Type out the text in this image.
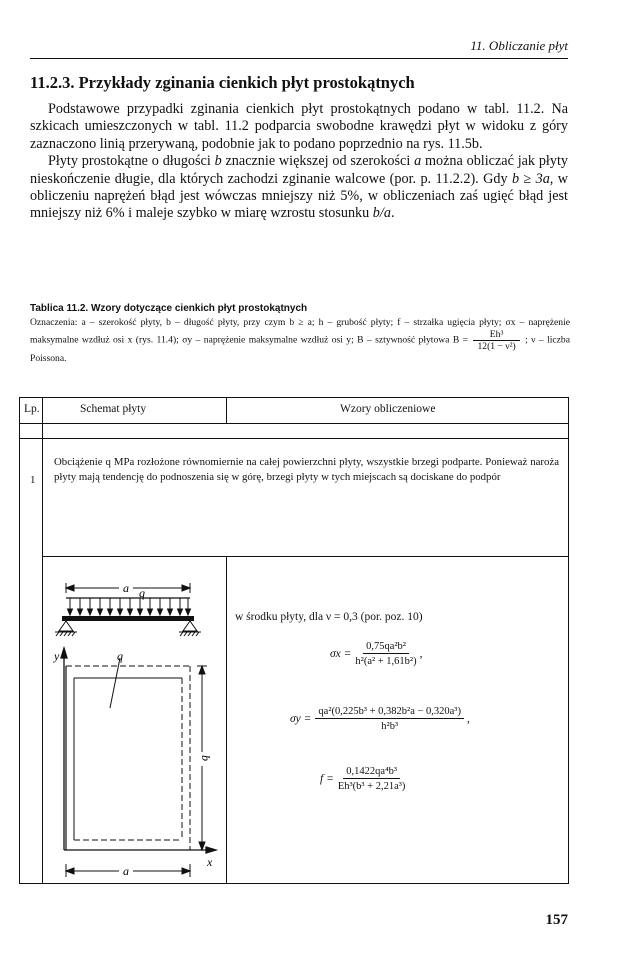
11. Obliczanie płyt
11.2.3. Przykłady zginania cienkich płyt prostokątnych

Podstawowe przypadki zginania cienkich płyt prostokątnych podano w tabl. 11.2. Na szkicach umieszczonych w tabl. 11.2 podparcia swobodne krawędzi płyt w widoku z góry zaznaczono linią przerywaną, podobnie jak to podano poprzednio na rys. 11.5b.

Płyty prostokątne o długości b znacznie większej od szerokości a można obliczać jak płyty nieskończenie długie, dla których zachodzi zginanie walcowe (por. p. 11.2.2). Gdy b ≥ 3a, w obliczeniu naprężeń błąd jest wówczas mniejszy niż 5%, w obliczeniach zaś ugięć błąd jest mniejszy niż 6% i maleje szybko w miarę wzrostu stosunku b/a.

Tablica 11.2. Wzory dotyczące cienkich płyt prostokątnych
Oznaczenia: a – szerokość płyty, b – długość płyty, przy czym b ≥ a; h – grubość płyty; f – strzałka ugięcia płyty; σx – naprężenie maksymalne wzdłuż osi x (rys. 11.4); σy – naprężenie maksymalne wzdłuż osi y; B – sztywność płytowa $B = \frac{\text{Eh³}}{\text{12(1 − ν²)}}$ ; ν – liczba Poissona.
Lp.	Schemat płyty	Wzory obliczeniowe
1
Obciążenie q MPa rozłożone równomiernie na całej powierzchni płyty, wszystkie brzegi podparte. Ponieważ naroża płyty mają tendencję do podnoszenia się w górę, brzegi płyty w tych miejscach są dociskane do podpór
a q
y
x
q
b
a
w środku płyty, dla ν = 0,3 (por. poz. 10)
$\sigma x = \frac{\text{0,75qa²b²}}{\text{h²(a² + 1,61b²)}}$ ,
$\sigma y = \frac{\text{qa²(0,225b³ + 0,382b²a − 0,320a³)}}{\text{h²b³}}$ ,
$f = \frac{\text{0,1422qa⁴b³}}{\text{Eh³(b³ + 2,21a³)}}$
157
